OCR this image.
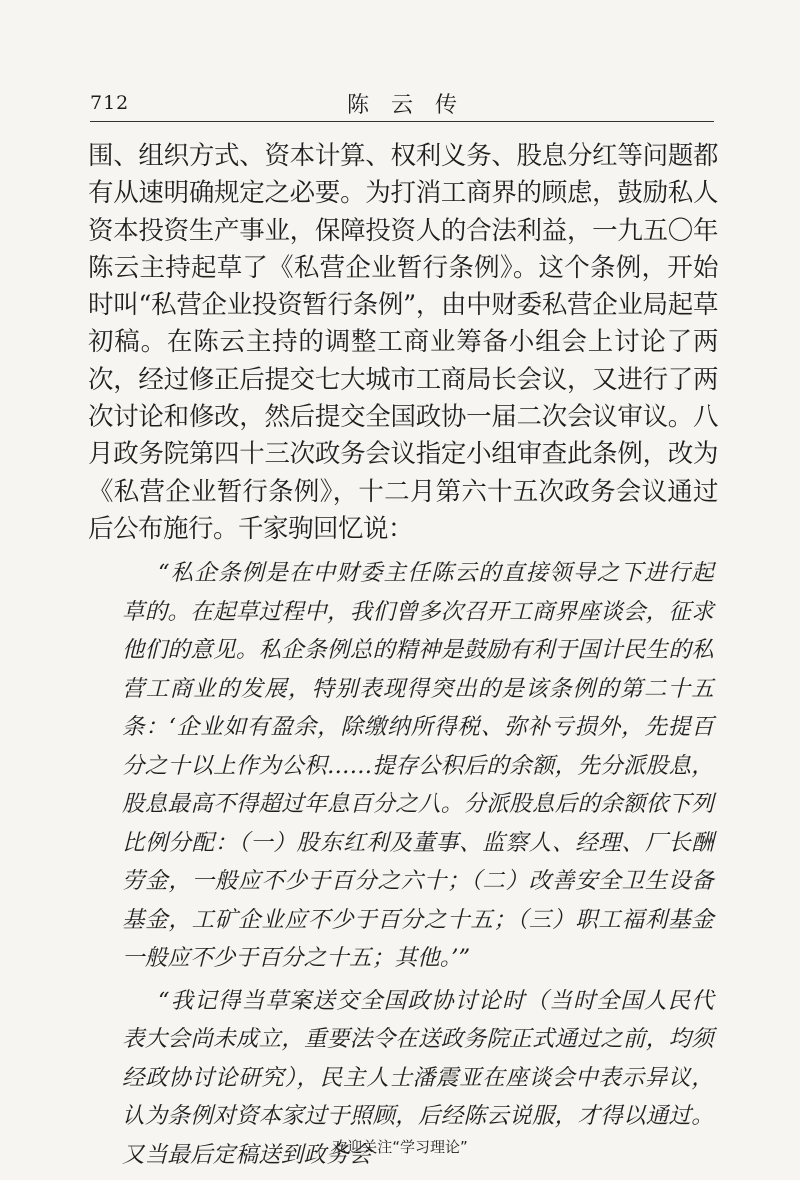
712	陈云传

围、组织方式、资本计算、权利义务、股息分红等问题都有从速明确规定之必要。为打消工商界的顾虑，鼓励私人资本投资生产事业，保障投资人的合法利益，一九五〇年陈云主持起草了《私营企业暂行条例》。这个条例，开始时叫“私营企业投资暂行条例”，由中财委私营企业局起草初稿。在陈云主持的调整工商业筹备小组会上讨论了两次，经过修正后提交七大城市工商局长会议，又进行了两次讨论和修改，然后提交全国政协一届二次会议审议。八月政务院第四十三次政务会议指定小组审查此条例，改为《私营企业暂行条例》，十二月第六十五次政务会议通过后公布施行。千家驹回忆说：

“私企条例是在中财委主任陈云的直接领导之下进行起草的。在起草过程中，我们曾多次召开工商界座谈会，征求他们的意见。私企条例总的精神是鼓励有利于国计民生的私营工商业的发展，特别表现得突出的是该条例的第二十五条：‘企业如有盈余，除缴纳所得税、弥补亏损外，先提百分之十以上作为公积……提存公积后的余额，先分派股息，股息最高不得超过年息百分之八。分派股息后的余额依下列比例分配：（一）股东红利及董事、监察人、经理、厂长酬劳金，一般应不少于百分之六十；（二）改善安全卫生设备基金，工矿企业应不少于百分之十五；（三）职工福利基金一般应不少于百分之十五；其他。’”

“我记得当草案送交全国政协讨论时（当时全国人民代表大会尚未成立，重要法令在送政务院正式通过之前，均须经政协讨论研究），民主人士潘震亚在座谈会中表示异议，认为条例对资本家过于照顾，后经陈云说服，才得以通过。又当最后定稿送到政务会

欢迎关注“学习理论”
